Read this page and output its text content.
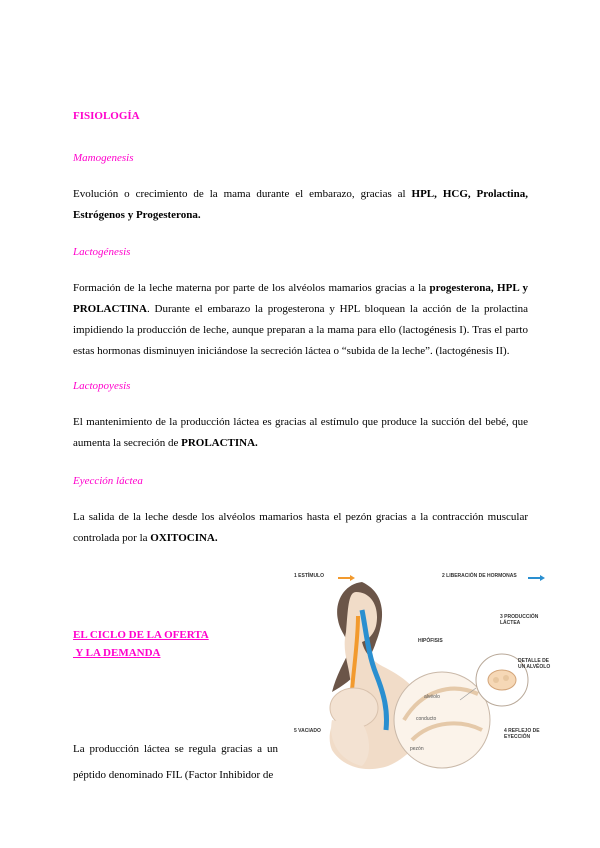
FISIOLOGÍA
Mamogenesis
Evolución o crecimiento de la mama durante el embarazo, gracias al HPL, HCG, Prolactina, Estrógenos y Progesterona.
Lactogénesis
Formación de la leche materna por parte de los alvéolos mamarios gracias a la progesterona, HPL y PROLACTINA. Durante el embarazo la progesterona y HPL bloquean la acción de la prolactina impidiendo la producción de leche, aunque preparan a la mama para ello (lactogénesis I). Tras el parto estas hormonas disminuyen iniciándose la secreción láctea o “subida de la leche”. (lactogénesis II).
Lactopoyesis
El mantenimiento de la producción láctea es gracias al estímulo que produce la succión del bebé, que aumenta la secreción de PROLACTINA.
Eyección láctea
La salida de la leche desde los alvéolos mamarios hasta el pezón gracias a la contracción muscular controlada por la OXITOCINA.
EL CICLO DE LA OFERTA
Y LA DEMANDA
La producción láctea se regula gracias a un péptido denominado FIL (Factor Inhibidor de
1 ESTÍMULO	2 LIBERACIÓN DE HORMONAS
HIPÓFISIS
3 PRODUCCIÓN LÁCTEA
DETALLE DE UN ALVÉOLO
5 VACIADO	4 REFLEJO DE EYECCIÓN
alvéolo
conducto
pezón
